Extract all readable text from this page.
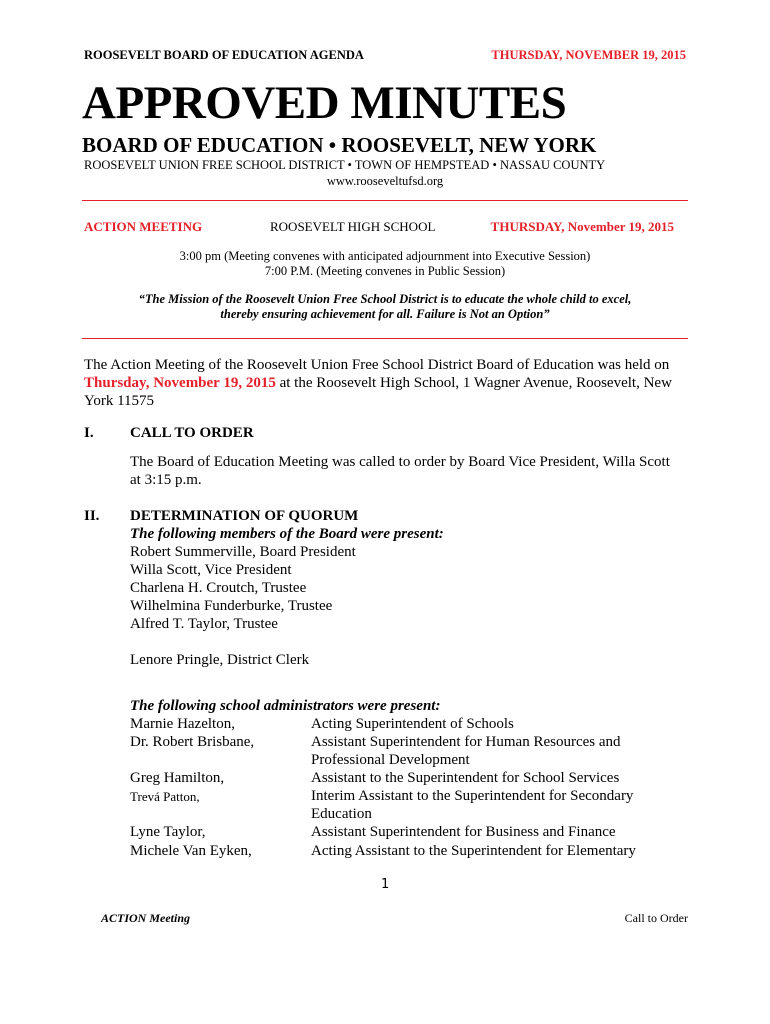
ROOSEVELT BOARD OF EDUCATION AGENDA	THURSDAY, NOVEMBER 19, 2015
APPROVED MINUTES
BOARD OF EDUCATION • ROOSEVELT, NEW YORK
ROOSEVELT UNION FREE SCHOOL DISTRICT • TOWN OF HEMPSTEAD • NASSAU COUNTY
www.rooseveltufsd.org
ACTION MEETING	ROOSEVELT HIGH SCHOOL	THURSDAY, November 19, 2015
3:00 pm (Meeting convenes with anticipated adjournment into Executive Session)
7:00 P.M. (Meeting convenes in Public Session)
“The Mission of the Roosevelt Union Free School District is to educate the whole child to excel,
thereby ensuring achievement for all. Failure is Not an Option”
The Action Meeting of the Roosevelt Union Free School District Board of Education was held on
Thursday, November 19, 2015 at the Roosevelt High School, 1 Wagner Avenue, Roosevelt, New
York 11575
I. CALL TO ORDER
The Board of Education Meeting was called to order by Board Vice President, Willa Scott
at 3:15 p.m.
II. DETERMINATION OF QUORUM
The following members of the Board were present:
Robert Summerville, Board President
Willa Scott, Vice President
Charlena H. Croutch, Trustee
Wilhelmina Funderburke, Trustee
Alfred T. Taylor, Trustee
Lenore Pringle, District Clerk
The following school administrators were present:
Marnie Hazelton,	Acting Superintendent of Schools
Dr. Robert Brisbane,	Assistant Superintendent for Human Resources and
Professional Development
Greg Hamilton,	Assistant to the Superintendent for School Services
Trevá Patton,	Interim Assistant to the Superintendent for Secondary
Education
Lyne Taylor,	Assistant Superintendent for Business and Finance
Michele Van Eyken,	Acting Assistant to the Superintendent for Elementary
1
ACTION Meeting	Call to Order
